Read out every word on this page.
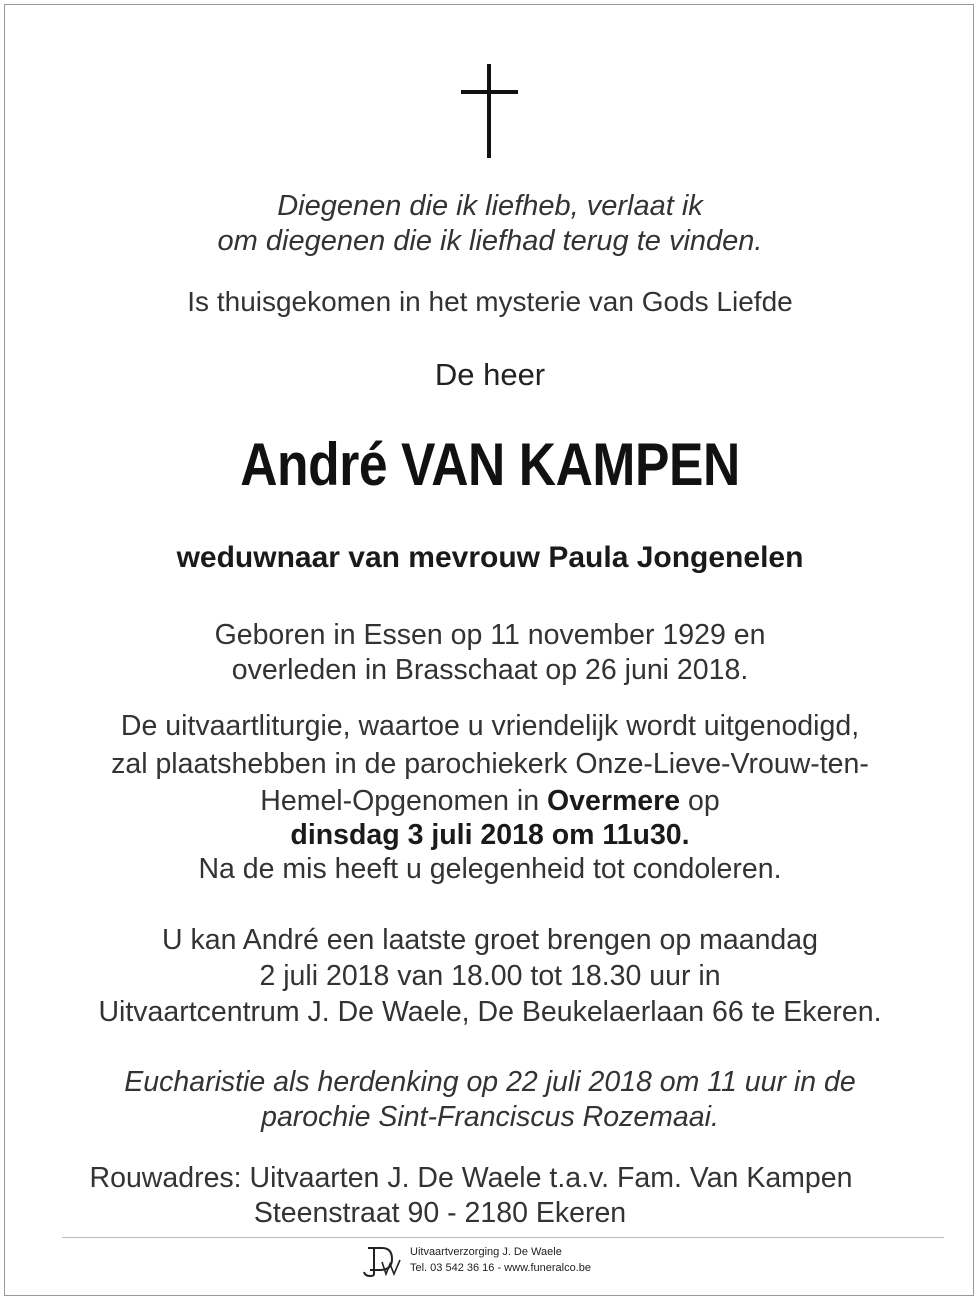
Diegenen die ik liefheb, verlaat ik
om diegenen die ik liefhad terug te vinden.
Is thuisgekomen in het mysterie van Gods Liefde
De heer
André VAN KAMPEN
weduwnaar van mevrouw Paula Jongenelen
Geboren in Essen op 11 november 1929 en
overleden in Brasschaat op 26 juni 2018.
De uitvaartliturgie, waartoe u vriendelijk wordt uitgenodigd,
zal plaatshebben in de parochiekerk Onze-Lieve-Vrouw-ten-
Hemel-Opgenomen in Overmere op
dinsdag 3 juli 2018 om 11u30.
Na de mis heeft u gelegenheid tot condoleren.
U kan André een laatste groet brengen op maandag
2 juli 2018 van 18.00 tot 18.30 uur in
Uitvaartcentrum J. De Waele, De Beukelaerlaan 66 te Ekeren.
Eucharistie als herdenking op 22 juli 2018 om 11 uur in de
parochie Sint-Franciscus Rozemaai.
Rouwadres: Uitvaarten J. De Waele t.a.v. Fam. Van Kampen
Steenstraat 90 - 2180 Ekeren
Uitvaartverzorging J. De Waele
Tel. 03 542 36 16 - www.funeralco.be
